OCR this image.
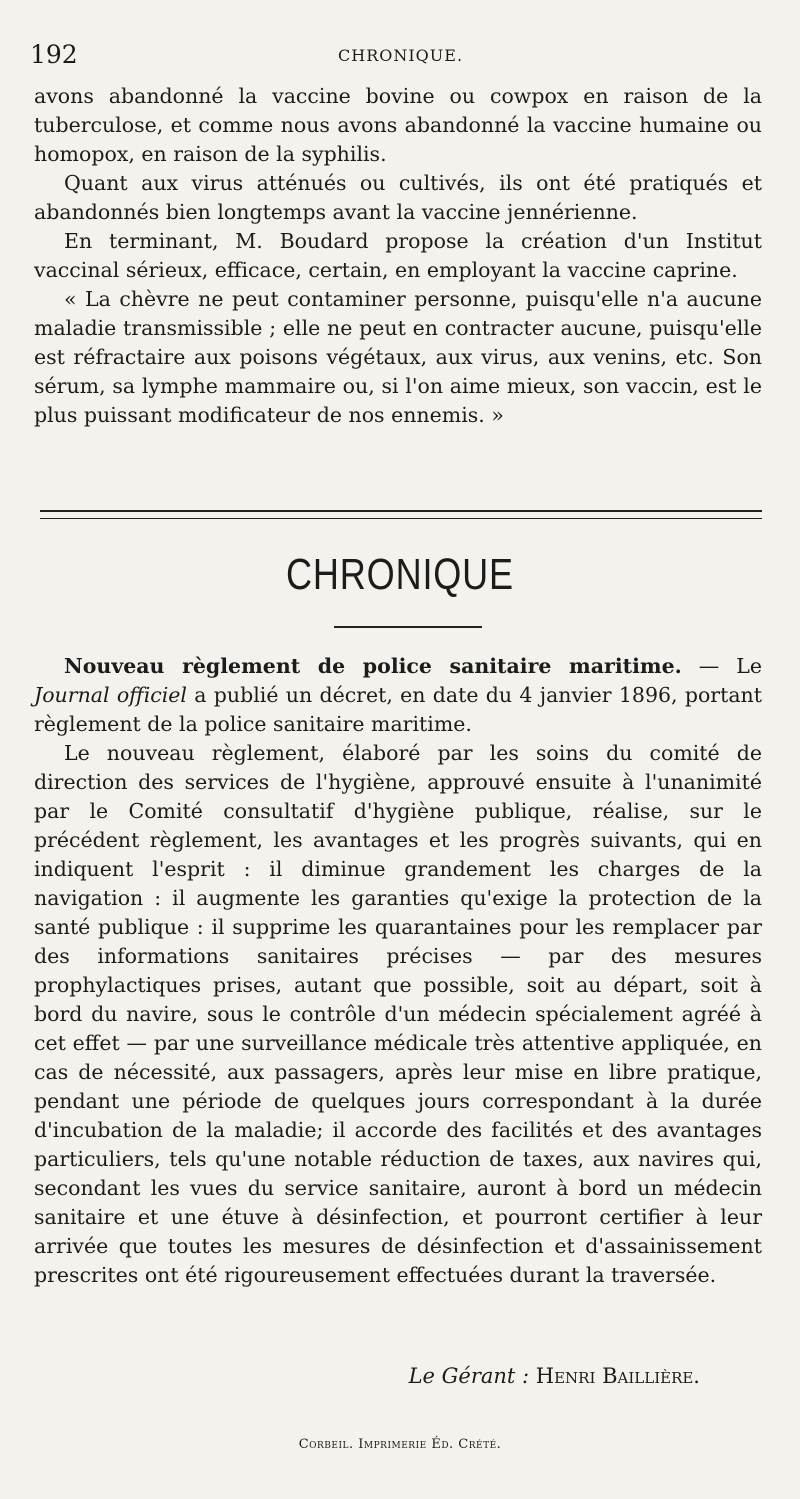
192	CHRONIQUE.

avons abandonné la vaccine bovine ou cowpox en raison de la tuberculose, et comme nous avons abandonné la vaccine humaine ou homopox, en raison de la syphilis.

Quant aux virus atténués ou cultivés, ils ont été pratiqués et abandonnés bien longtemps avant la vaccine jennérienne.

En terminant, M. Boudard propose la création d'un Institut vaccinal sérieux, efficace, certain, en employant la vaccine caprine.

« La chèvre ne peut contaminer personne, puisqu'elle n'a aucune maladie transmissible ; elle ne peut en contracter aucune, puisqu'elle est réfractaire aux poisons végétaux, aux virus, aux venins, etc. Son sérum, sa lymphe mammaire ou, si l'on aime mieux, son vaccin, est le plus puissant modificateur de nos ennemis. »

CHRONIQUE

Nouveau règlement de police sanitaire maritime. — Le Journal officiel a publié un décret, en date du 4 janvier 1896, portant règlement de la police sanitaire maritime.

Le nouveau règlement, élaboré par les soins du comité de direction des services de l'hygiène, approuvé ensuite à l'unanimité par le Comité consultatif d'hygiène publique, réalise, sur le précédent règlement, les avantages et les progrès suivants, qui en indiquent l'esprit : il diminue grandement les charges de la navigation : il augmente les garanties qu'exige la protection de la santé publique : il supprime les quarantaines pour les remplacer par des informations sanitaires précises — par des mesures prophylactiques prises, autant que possible, soit au départ, soit à bord du navire, sous le contrôle d'un médecin spécialement agréé à cet effet — par une surveillance médicale très attentive appliquée, en cas de nécessité, aux passagers, après leur mise en libre pratique, pendant une période de quelques jours correspondant à la durée d'incubation de la maladie; il accorde des facilités et des avantages particuliers, tels qu'une notable réduction de taxes, aux navires qui, secondant les vues du service sanitaire, auront à bord un médecin sanitaire et une étuve à désinfection, et pourront certifier à leur arrivée que toutes les mesures de désinfection et d'assainissement prescrites ont été rigoureusement effectuées durant la traversée.

Le Gérant : Henri Baillière.
Corbeil. Imprimerie Éd. Crété.
